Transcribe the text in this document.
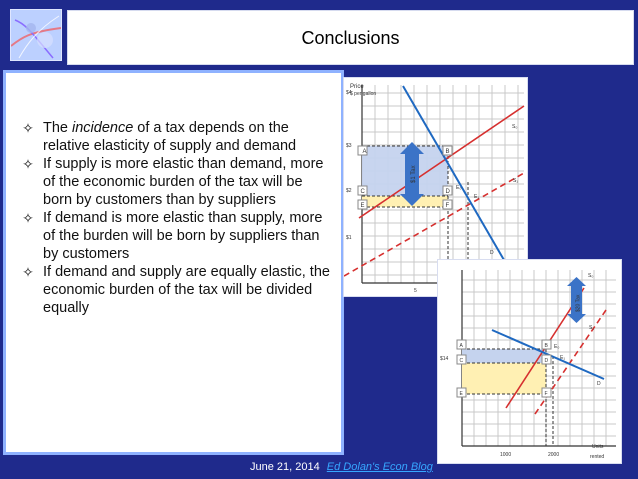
Conclusions
✧ The incidence of a tax depends on the relative elasticity of supply and demand
✧ If supply is more elastic than demand, more of the economic burden of the tax will be born by customers than by suppliers
✧ If demand is more elastic than supply, more of the burden will be born by suppliers than by customers
✧ If demand and supply are equally elastic, the economic burden of the tax will be divided equally
$1 Tax
A	B
C	D
E	F
Price
$ per gallon
$4
$3
$2
$1
5
S₀
S₁
D
E₀
E₁
$20 Tax
A	B
C	D
E	F
$14
1000	2000
Units
rented
S₀
S₁
D
E₀
E₁
June 21, 2014 Ed Dolan's Econ Blog
